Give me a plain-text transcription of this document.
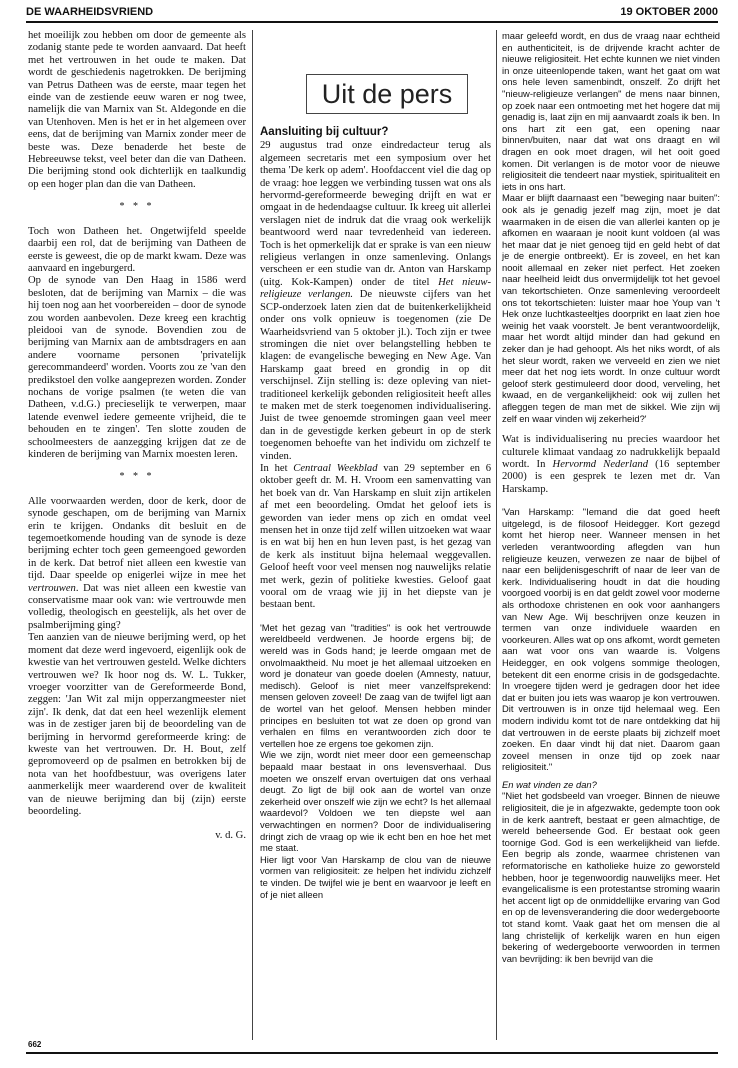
DE WAARHEIDSVRIEND	19 OKTOBER 2000
Uit de pers

het moeilijk zou hebben om door de gemeente als zodanig stante pede te worden aanvaard. Dat heeft met het vertrouwen in het oude te maken. Dat wordt de geschiedenis nagetrokken. De berijming van Petrus Datheen was de eerste, maar tegen het einde van de zestiende eeuw waren er nog twee, namelijk die van Marnix van St. Aldegonde en die van Utenhoven. Men is het er in het algemeen over eens, dat de berijming van Marnix zonder meer de beste was. Deze benaderde het beste de Hebreeuwse tekst, veel beter dan die van Datheen. Die berijming stond ook dichterlijk en taalkundig op een hoger plan dan die van Datheen.

* * *

Toch won Datheen het. Ongetwijfeld speelde daarbij een rol, dat de berijming van Datheen de eerste is geweest, die op de markt kwam. Deze was aanvaard en ingeburgerd.

Op de synode van Den Haag in 1586 werd besloten, dat de berijming van Marnix – die was hij toen nog aan het voorbereiden – door de synode zou worden aanbevolen. Deze kreeg een krachtig pleidooi van de synode. Bovendien zou de berijming van Marnix aan de ambtsdragers en aan andere voorname personen 'privatelijk gerecommandeerd' worden. Voorts zou ze 'van den predikstoel den volke aangeprezen worden. Zonder nochans de vorige psalmen (te weten die van Datheen, v.d.G.) precieselijk te verwerpen, maar latende evenwel iedere gemeente vrijheid, die te behouden en te zingen'. Ten slotte zouden de schoolmeesters de aanzegging krijgen dat ze de kinderen de berijming van Marnix moesten leren.

* * *

Alle voorwaarden werden, door de kerk, door de synode geschapen, om de berijming van Marnix erin te krijgen. Ondanks dit besluit en de tegemoetkomende houding van de synode is deze berijming echter toch geen gemeengoed geworden in de kerk. Dat betrof niet alleen een kwestie van tijd. Daar speelde op enigerlei wijze in mee het vertrouwen. Dat was niet alleen een kwestie van conservatisme maar ook van: wie vertrouwde men volledig, theologisch en geestelijk, als het over de psalmberijming ging?

Ten aanzien van de nieuwe berijming werd, op het moment dat deze werd ingevoerd, eigenlijk ook de kwestie van het vertrouwen gesteld. Welke dichters vertrouwen we? Ik hoor nog ds. W. L. Tukker, vroeger voorzitter van de Gereformeerde Bond, zeggen: 'Jan Wit zal mijn opperzangmeester niet zijn'. Ik denk, dat dat een heel wezenlijk element was in de zestiger jaren bij de beoordeling van de berijming in hervormd gereformeerde kring: de kweste van het vertrouwen. Dr. H. Bout, zelf gepromoveerd op de psalmen en betrokken bij de nota van het hoofdbestuur, was overigens later aanmerkelijk meer waarderend over de kwaliteit van de nieuwe berijming dan bij (zijn) eerste beoordeling.

v. d. G.
Aansluiting bij cultuur?

29 augustus trad onze eindredacteur terug als algemeen secretaris met een symposium over het thema 'De kerk op adem'. Hoofdaccent viel die dag op de vraag: hoe leggen we verbinding tussen wat ons als hervormd-gereformeerde beweging drijft en wat er omgaat in de hedendaagse cultuur. Ik kreeg uit allerlei verslagen niet de indruk dat die vraag ook werkelijk beantwoord werd naar tevredenheid van iedereen. Toch is het opmerkelijk dat er sprake is van een nieuw religieus verlangen in onze samenleving. Onlangs verscheen er een studie van dr. Anton van Harskamp (uitg. Kok-Kampen) onder de titel Het nieuw-religieuze verlangen. De nieuwste cijfers van het SCP-onderzoek laten zien dat de buitenkerkelijkheid onder ons volk opnieuw is toegenomen (zie De Waarheidsvriend van 5 oktober jl.). Toch zijn er twee stromingen die niet over belangstelling hebben te klagen: de evangelische beweging en New Age. Van Harskamp gaat breed en grondig in op dit verschijnsel. Zijn stelling is: deze opleving van niet-traditioneel kerkelijk gebonden religiositeit heeft alles te maken met de sterk toegenomen individualisering. Juist de twee genoemde stromingen gaan veel meer dan in de gevestigde kerken gebeurt in op de sterk toegenomen behoefte van het individu om zichzelf te vinden.

In het Centraal Weekblad van 29 september en 6 oktober geeft dr. M. H. Vroom een samenvatting van het boek van dr. Van Harskamp en sluit zijn artikelen af met een beoordeling. Omdat het geloof iets is geworden van ieder mens op zich en omdat veel mensen het in onze tijd zelf willen uitzoeken wat waar is en wat bij hen en hun leven past, is het gezag van de kerk als instituut bijna helemaal weggevallen. Geloof heeft voor veel mensen nog nauwelijks relatie met werk, gezin of politieke kwesties. Geloof gaat vooral om de vraag wie jij in het diepste van je bestaan bent.

'Met het gezag van "tradities" is ook het vertrouwde wereldbeeld verdwenen. Je hoorde ergens bij; de wereld was in Gods hand; je leerde omgaan met de onvolmaaktheid. Nu moet je het allemaal uitzoeken en word je donateur van goede doelen (Amnesty, natuur, medisch). Geloof is niet meer vanzelfsprekend: mensen geloven zoveel! De zaag van de twijfel ligt aan de wortel van het geloof. Mensen hebben minder principes en besluiten tot wat ze doen op grond van verhalen en films en verantwoorden zich door te vertellen hoe ze ergens toe gekomen zijn.

Wie we zijn, wordt niet meer door een gemeenschap bepaald maar bestaat in ons levensverhaal. Dus moeten we onszelf ervan overtuigen dat ons verhaal deugt. Zo ligt de bijl ook aan de wortel van onze zekerheid over onszelf wie zijn we echt? Is het allemaal waardevol? Voldoen we ten diepste wel aan verwachtingen en normen? Door de individualisering dringt zich de vraag op wie ik echt ben en hoe het met me staat.

Hier ligt voor Van Harskamp de clou van de nieuwe vormen van religiositeit: ze helpen het individu zichzelf te vinden. De twijfel wie je bent en waarvoor je leeft en of je niet alleen

maar geleefd wordt, en dus de vraag naar echtheid en authenticiteit, is de drijvende kracht achter de nieuwe religiositeit. Het echte kunnen we niet vinden in onze uiteenlopende taken, want het gaat om wat ons hele leven samenbindt, onszelf. Zo drijft het "nieuw-religieuze verlangen" de mens naar binnen, op zoek naar een ontmoeting met het hogere dat mij genadig is, laat zijn en mij aanvaardt zoals ik ben. In ons hart zit een gat, een opening naar binnen/buiten, naar dat wat ons draagt en wil dragen en ook moet dragen, wil het ooit goed komen. Dit verlangen is de motor voor de nieuwe religiositeit die tendeert naar mystiek, spiritualiteit en iets in ons hart.

Maar er blijft daarnaast een "beweging naar buiten": ook als je genadig jezelf mag zijn, moet je dat waarmaken in de eisen die van allerlei kanten op je afkomen en waaraan je nooit kunt voldoen (al was het maar dat je niet genoeg tijd en geld hebt of dat je de energie ontbreekt). Er is zoveel, en het kan nooit allemaal en zeker niet perfect. Het zoeken naar heelheid leidt dus onvermijdelijk tot het gevoel van tekortschieten. Onze samenleving veroordeelt ons tot tekortschieten: luister maar hoe Youp van 't Hek onze luchtkasteeltjes doorprikt en laat zien hoe weinig het vaak voorstelt. Je bent verantwoordelijk, maar het wordt altijd minder dan had gekund en zeker dan je had gehoopt. Als het niks wordt, of als het sleur wordt, raken we verveeld en zien we niet meer dat het nog iets wordt. In onze cultuur wordt geloof sterk gestimuleerd door dood, verveling, het kwaad, en de vergankelijkheid: ook wij zullen het afleggen tegen de man met de sikkel. Wie zijn wij zelf en waar vinden wij zekerheid?'

Wat is individualisering nu precies waardoor het culturele klimaat vandaag zo nadrukkelijk bepaald wordt. In Hervormd Nederland (16 september 2000) is een gesprek te lezen met dr. Van Harskamp.

'Van Harskamp: "Iemand die dat goed heeft uitgelegd, is de filosoof Heidegger. Kort gezegd komt het hierop neer. Wanneer mensen in het verleden verantwoording aflegden van hun religieuze keuzen, verwezen ze naar de bijbel of naar een belijdenisgeschrift of naar de leer van de kerk. Individualisering houdt in dat die houding voorgoed voorbij is en dat geldt zowel voor moderne als orthodoxe christenen en ook voor aanhangers van New Age. Wij beschrijven onze keuzen in termen van onze individuele waarden en voorkeuren. Alles wat op ons afkomt, wordt gemeten aan wat voor ons van waarde is. Volgens Heidegger, en ook volgens sommige theologen, betekent dit een enorme crisis in de godsgedachte. In vroegere tijden werd je gedragen door het idee dat er buiten jou iets was waarop je kon vertrouwen. Dit vertrouwen is in onze tijd helemaal weg. Een modern individu komt tot de nare ontdekking dat hij dat vertrouwen in de eerste plaats bij zichzelf moet zoeken. En daar vindt hij dat niet. Daarom gaan zoveel mensen in onze tijd op zoek naar religiositeit."

En wat vinden ze dan?

"Niet het godsbeeld van vroeger. Binnen de nieuwe religiositeit, die je in afgezwakte, gedempte toon ook in de kerk aantreft, bestaat er geen almachtige, de wereld beheersende God. Er bestaat ook geen toornige God. God is een werkelijkheid van liefde. Een begrip als zonde, waarmee christenen van reformatorische en katholieke huize zo geworsteld hebben, hoor je tegenwoordig nauwelijks meer. Het evangelicalisme is een protestantse stroming waarin het accent ligt op de onmiddellijke ervaring van God en op de levensverandering die door wedergeboorte tot stand komt. Vaak gaat het om mensen die al lang christelijk of kerkelijk waren en hun eigen bekering of wedergeboorte verwoorden in termen van bevrijding: ik ben bevrijd van die

662
